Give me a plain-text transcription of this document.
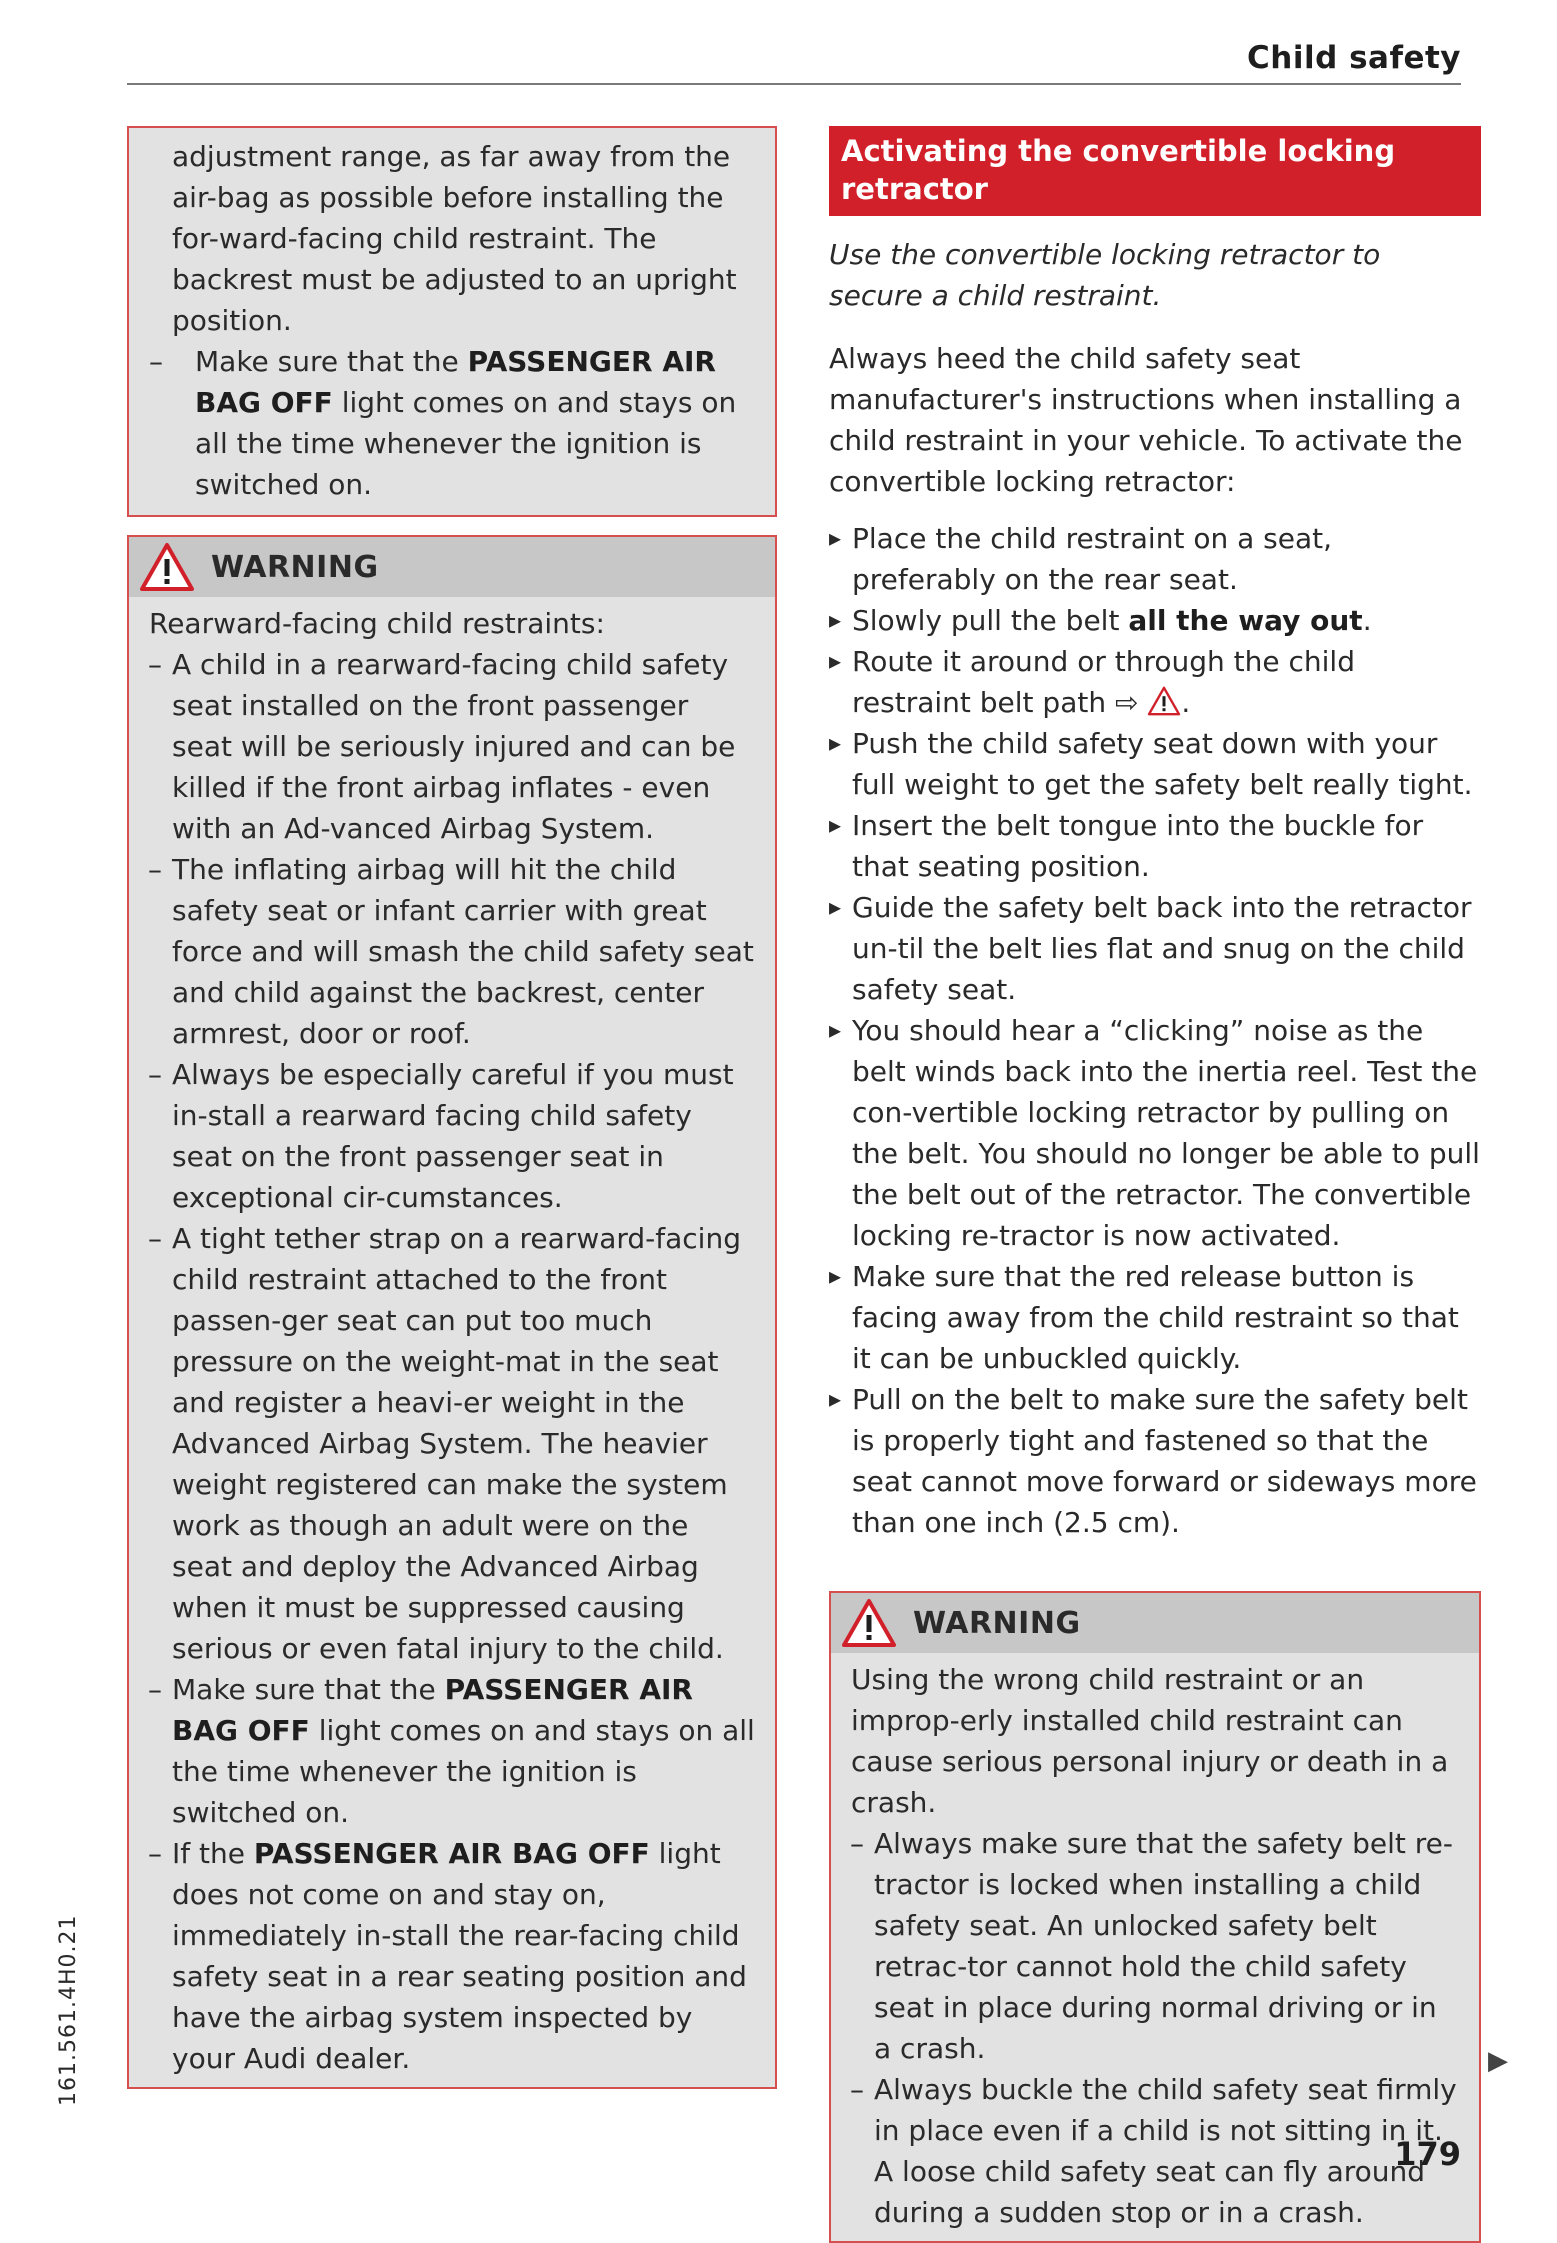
Child safety

adjustment range, as far away from the air-bag as possible before installing the for-ward-facing child restraint. The backrest must be adjusted to an upright position.

– Make sure that the PASSENGER AIR BAG OFF light comes on and stays on all the time whenever the ignition is switched on.
WARNING

Rearward-facing child restraints:

– A child in a rearward-facing child safety seat installed on the front passenger seat will be seriously injured and can be killed if the front airbag inflates - even with an Ad-vanced Airbag System.
– The inflating airbag will hit the child safety seat or infant carrier with great force and will smash the child safety seat and child against the backrest, center armrest, door or roof.
– Always be especially careful if you must in-stall a rearward facing child safety seat on the front passenger seat in exceptional cir-cumstances.
– A tight tether strap on a rearward-facing child restraint attached to the front passen-ger seat can put too much pressure on the weight-mat in the seat and register a heavi-er weight in the Advanced Airbag System. The heavier weight registered can make the system work as though an adult were on the seat and deploy the Advanced Airbag when it must be suppressed causing serious or even fatal injury to the child.
– Make sure that the PASSENGER AIR BAG OFF light comes on and stays on all the time whenever the ignition is switched on.
– If the PASSENGER AIR BAG OFF light does not come on and stay on, immediately in-stall the rear-facing child safety seat in a rear seating position and have the airbag system inspected by your Audi dealer.
Activating the convertible locking retractor

Use the convertible locking retractor to secure a child restraint.

Always heed the child safety seat manufacturer's instructions when installing a child restraint in your vehicle. To activate the convertible locking retractor:

▸ Place the child restraint on a seat, preferably on the rear seat.
▸ Slowly pull the belt all the way out.
▸ Route it around or through the child restraint belt path ⇨ .
▸ Push the child safety seat down with your full weight to get the safety belt really tight.
▸ Insert the belt tongue into the buckle for that seating position.
▸ Guide the safety belt back into the retractor un-til the belt lies flat and snug on the child safety seat.
▸ You should hear a “clicking” noise as the belt winds back into the inertia reel. Test the con-vertible locking retractor by pulling on the belt. You should no longer be able to pull the belt out of the retractor. The convertible locking re-tractor is now activated.
▸ Make sure that the red release button is facing away from the child restraint so that it can be unbuckled quickly.
▸ Pull on the belt to make sure the safety belt is properly tight and fastened so that the seat cannot move forward or sideways more than one inch (2.5 cm).
WARNING

Using the wrong child restraint or an improp-erly installed child restraint can cause serious personal injury or death in a crash.

– Always make sure that the safety belt re-tractor is locked when installing a child safety seat. An unlocked safety belt retrac-tor cannot hold the child safety seat in place during normal driving or in a crash.
– Always buckle the child safety seat firmly in place even if a child is not sitting in it. A loose child safety seat can fly around during a sudden stop or in a crash.
161.561.4H0.21	▶
179
